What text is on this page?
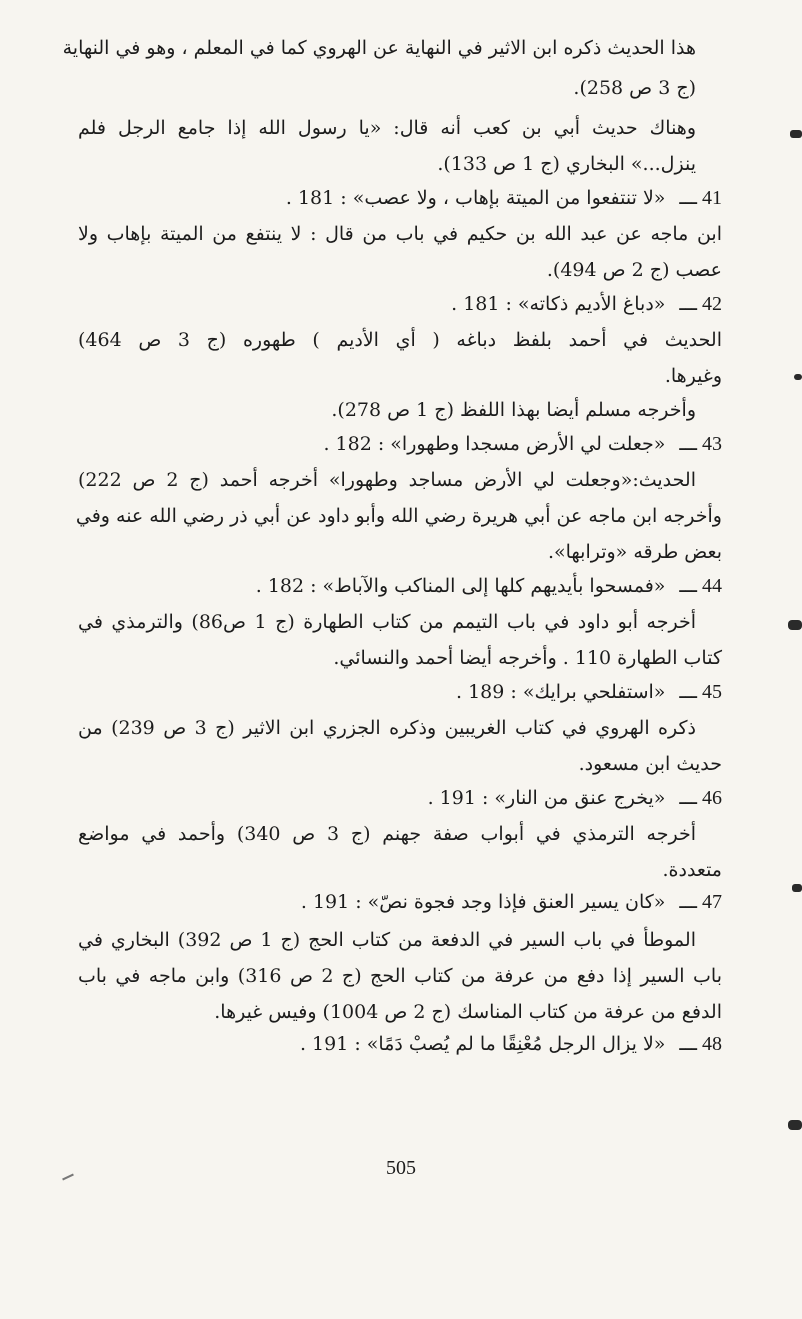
هذا الحديث ذكره ابن الاثير في النهاية عن الهروي كما في المعلم ، وهو في النهاية
(ج 3 ص 258).
وهناك حديث أبي بن كعب أنه قال: «يا رسول الله إذا جامع الرجل فلم
ينزل...» البخاري (ج 1 ص 133).
41 ـــ«لا تنتفعوا من الميتة بإهاب ، ولا عصب» : 181 .
ابن ماجه عن عبد الله بن حكيم في باب من قال : لا ينتفع من الميتة بإهاب ولا
عصب (ج 2 ص 494).
42 ـــ«دباغ الأديم ذكاته» : 181 .
الحديث في أحمد بلفظ دباغه ( أي الأديم ) طهوره (ج 3 ص 464)
وغيرها.
وأخرجه مسلم أيضا بهذا اللفظ (ج 1 ص 278).
43 ـــ«جعلت لي الأرض مسجدا وطهورا» : 182 .
الحديث:«وجعلت لي الأرض مساجد وطهورا» أخرجه أحمد (ج 2 ص 222)
وأخرجه ابن ماجه عن أبي هريرة رضي الله وأبو داود عن أبي ذر رضي الله عنه وفي
بعض طرقه «وترابها».
44 ـــ«فمسحوا بأيديهم كلها إلى المناكب والآباط» : 182 .
أخرجه أبو داود في باب التيمم من كتاب الطهارة (ج 1 ص86) والترمذي في
كتاب الطهارة 110 . وأخرجه أيضا أحمد والنسائي.
45 ـــ«استفلحي برايك» : 189 .
ذكره الهروي في كتاب الغريبين وذكره الجزري ابن الاثير (ج 3 ص 239) من
حديث ابن مسعود.
46 ـــ«يخرج عنق من النار» : 191 .
أخرجه الترمذي في أبواب صفة جهنم (ج 3 ص 340) وأحمد في مواضع
متعددة.
47 ـــ«كان يسير العنق فإذا وجد فجوة نصّ» : 191 .
الموطأ في باب السير في الدفعة من كتاب الحج (ج 1 ص 392) البخاري في
باب السير إذا دفع من عرفة من كتاب الحج (ج 2 ص 316) وابن ماجه في باب
الدفع من عرفة من كتاب المناسك (ج 2 ص 1004) وفيس غيرها.
48 ـــ«لا يزال الرجل مُعْنِقًا ما لم يُصبْ دَمًا» : 191 .
505
